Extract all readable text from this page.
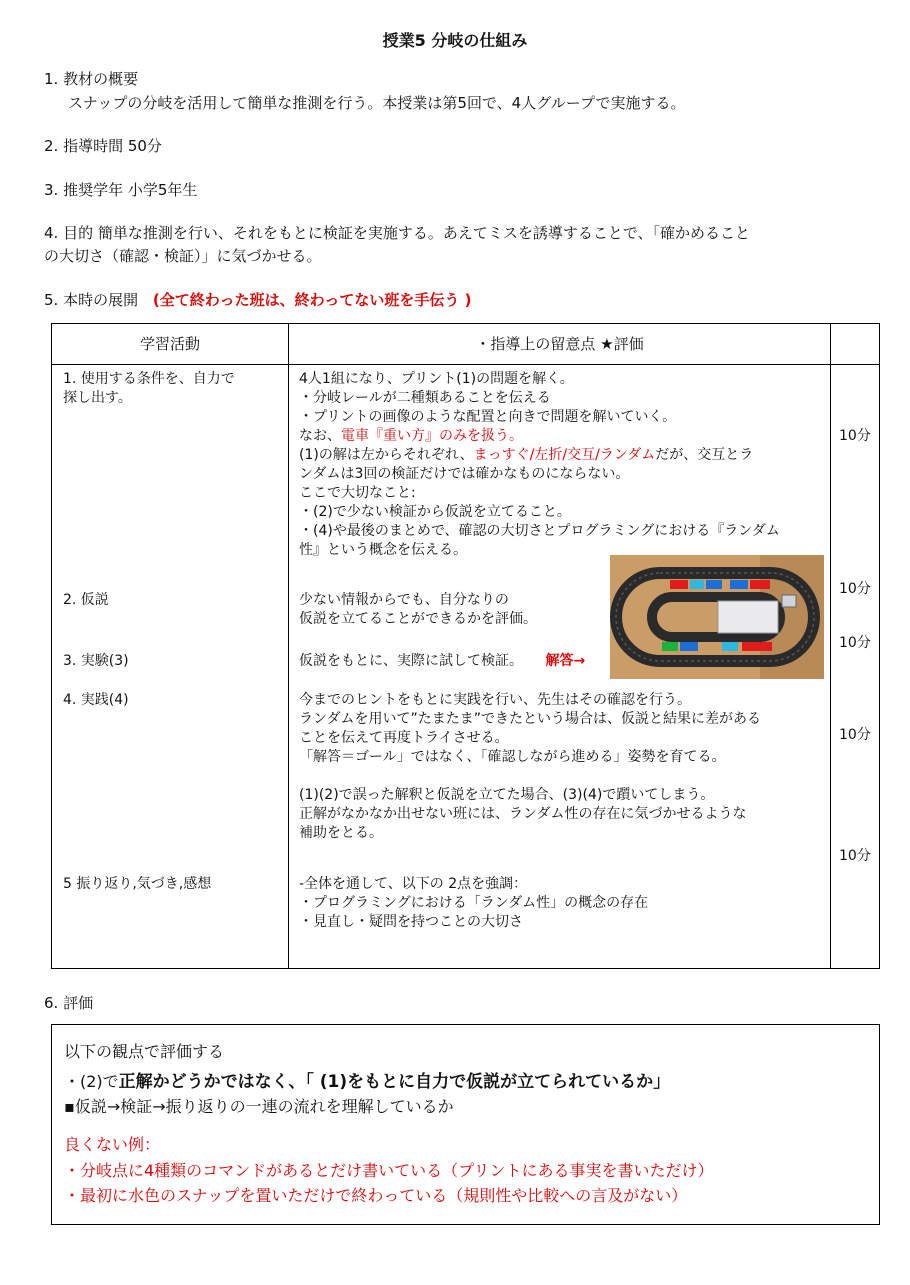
授業5 分岐の仕組み
1. 教材の概要
スナップの分岐を活用して簡単な推測を行う。本授業は第5回で、4人グループで実施する。
2. 指導時間 50分
3. 推奨学年 小学5年生
4. 目的 簡単な推測を行い、それをもとに検証を実施する。あえてミスを誘導することで、「確かめること
の大切さ（確認・検証）」に気づかせる。
5. 本時の展開 (全て終わった班は、終わってない班を手伝う )
学習活動	・指導上の留意点 ★評価
1. 使用する条件を、自力で
探し出す。
2. 仮説
3. 実験(3)
4. 実践(4)
5 振り返り,気づき,感想
4人1組になり、プリント(1)の問題を解く。
・分岐レールが二種類あることを伝える
・プリントの画像のような配置と向きで問題を解いていく。
なお、電車『重い方』のみを扱う。
(1)の解は左からそれぞれ、まっすぐ/左折/交互/ランダムだが、交互とラ
ンダムは3回の検証だけでは確かなものにならない。
ここで大切なこと:
・(2)で少ない検証から仮説を立てること。
・(4)や最後のまとめで、確認の大切さとプログラミングにおける『ランダム
性』という概念を伝える。
少ない情報からでも、自分なりの
仮説を立てることができるかを評価。
仮説をもとに、実際に試して検証。 解答→
今までのヒントをもとに実践を行い、先生はその確認を行う。
ランダムを用いて”たまたま”できたという場合は、仮説と結果に差がある
ことを伝えて再度トライさせる。
「解答＝ゴール」ではなく、「確認しながら進める」姿勢を育てる。
(1)(2)で誤った解釈と仮説を立てた場合、(3)(4)で躓いてしまう。
正解がなかなか出せない班には、ランダム性の存在に気づかせるような
補助をとる。
-全体を通して、以下の 2点を強調：
・プログラミングにおける「ランダム性」の概念の存在
・見直し・疑問を持つことの大切さ
10分
10分
10分
10分
10分
6. 評価
以下の観点で評価する
・(2)で正解かどうかではなく、「 (1)をもとに自力で仮説が立てられているか」
▪仮説→検証→振り返りの一連の流れを理解しているか
良くない例：
・分岐点に4種類のコマンドがあるとだけ書いている（プリントにある事実を書いただけ）
・最初に水色のスナップを置いただけで終わっている（規則性や比較への言及がない）
